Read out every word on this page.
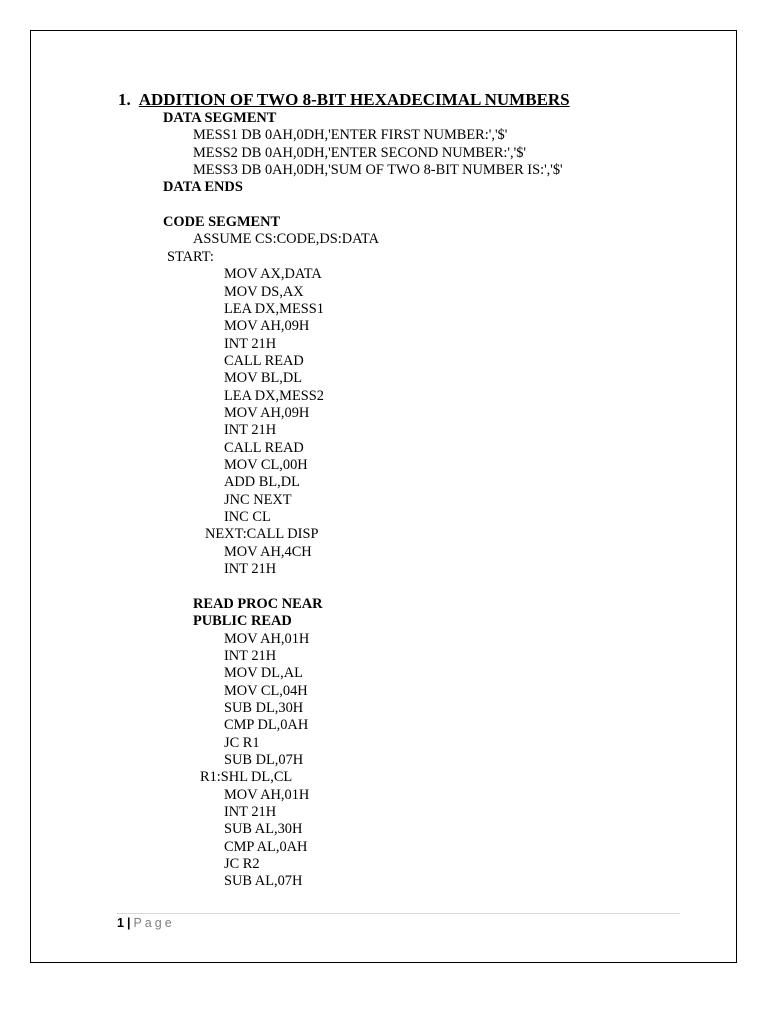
1. ADDITION OF TWO 8-BIT HEXADECIMAL NUMBERS
DATA SEGMENT
MESS1 DB 0AH,0DH,'ENTER FIRST NUMBER:','$'
MESS2 DB 0AH,0DH,'ENTER SECOND NUMBER:','$'
MESS3 DB 0AH,0DH,'SUM OF TWO 8-BIT NUMBER IS:','$'
DATA ENDS
CODE SEGMENT
ASSUME CS:CODE,DS:DATA
START:
MOV AX,DATA
MOV DS,AX
LEA DX,MESS1
MOV AH,09H
INT 21H
CALL READ
MOV BL,DL
LEA DX,MESS2
MOV AH,09H
INT 21H
CALL READ
MOV CL,00H
ADD BL,DL
JNC NEXT
INC CL
NEXT:CALL DISP
MOV AH,4CH
INT 21H
READ PROC NEAR
PUBLIC READ
MOV AH,01H
INT 21H
MOV DL,AL
MOV CL,04H
SUB DL,30H
CMP DL,0AH
JC R1
SUB DL,07H
R1:SHL DL,CL
MOV AH,01H
INT 21H
SUB AL,30H
CMP AL,0AH
JC R2
SUB AL,07H
1 | Page
